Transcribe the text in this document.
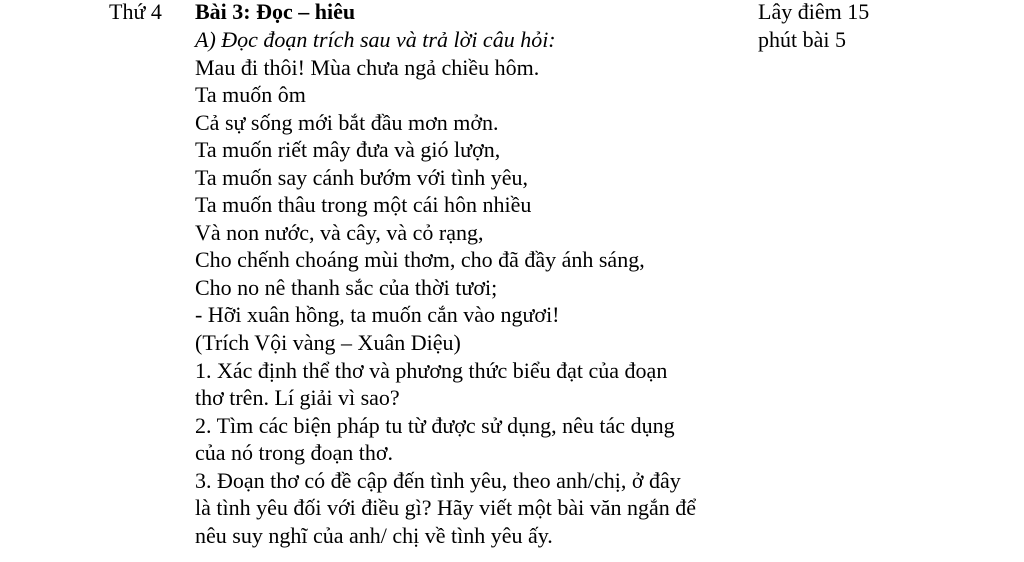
Thứ 4 Bài 3: Đọc – hiêu	Lây điêm 15
phút bài 5
A) Đọc đoạn trích sau và trả lời câu hỏi:
Mau đi thôi! Mùa chưa ngả chiều hôm.
Ta muốn ôm
Cả sự sống mới bắt đầu mơn mởn.
Ta muốn riết mây đưa và gió lượn,
Ta muốn say cánh bướm với tình yêu,
Ta muốn thâu trong một cái hôn nhiều
Và non nước, và cây, và cỏ rạng,
Cho chếnh choáng mùi thơm, cho đã đầy ánh sáng,
Cho no nê thanh sắc của thời tươi;
- Hỡi xuân hồng, ta muốn cắn vào ngươi!
(Trích Vội vàng – Xuân Diệu)
1. Xác định thể thơ và phương thức biểu đạt của đoạn
thơ trên. Lí giải vì sao?
2. Tìm các biện pháp tu từ được sử dụng, nêu tác dụng
của nó trong đoạn thơ.
3. Đoạn thơ có đề cập đến tình yêu, theo anh/chị, ở đây
là tình yêu đối với điều gì? Hãy viết một bài văn ngắn để
nêu suy nghĩ của anh/ chị về tình yêu ấy.
